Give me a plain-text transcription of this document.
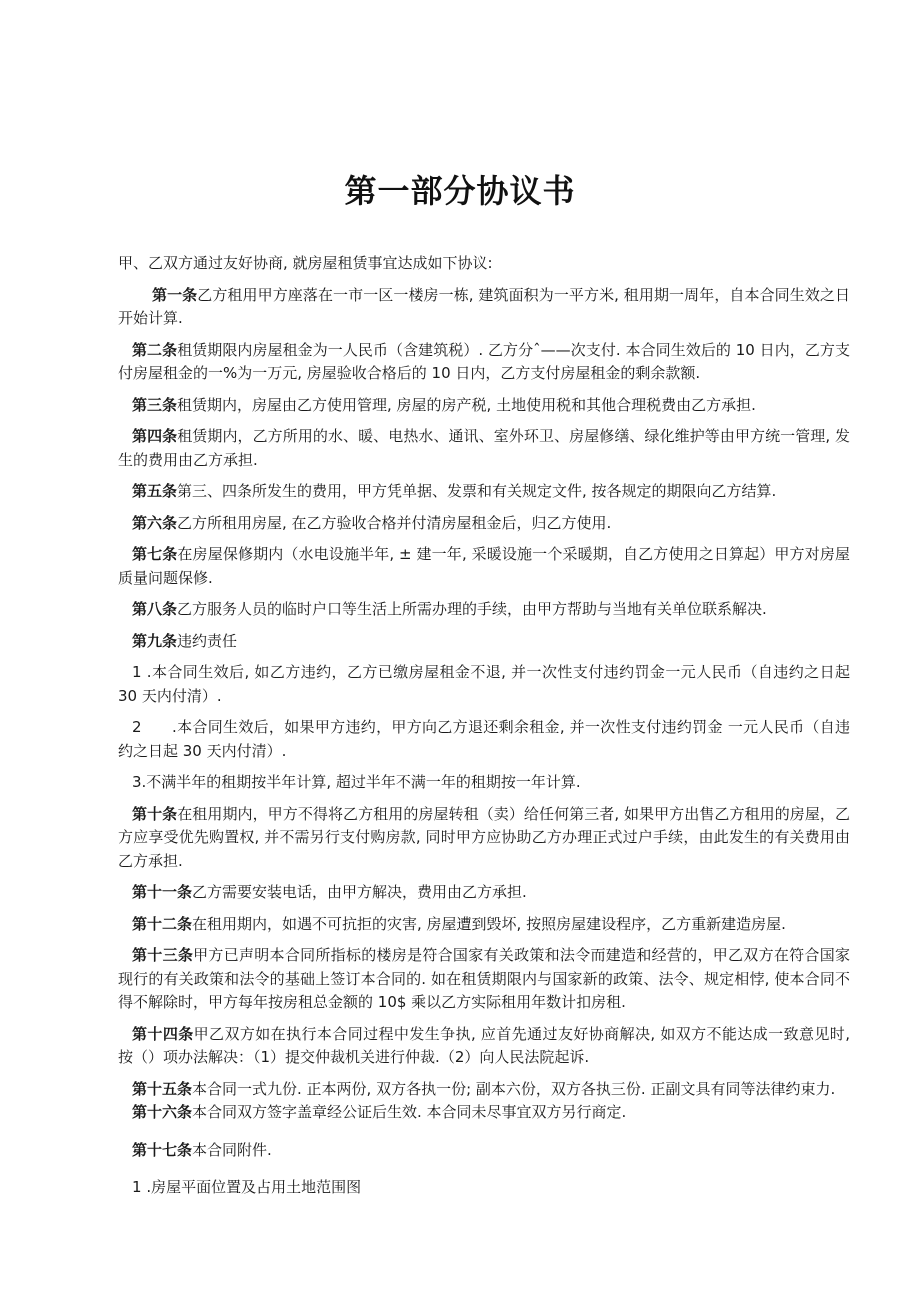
第一部分协议书

甲、乙双方通过友好协商, 就房屋租赁事宜达成如下协议:

第一条乙方租用甲方座落在一市一区一楼房一栋, 建筑面积为一平方米, 租用期一周年，自本合同生效之日开始计算.

第二条租赁期限内房屋租金为一人民币（含建筑税）. 乙方分ˆ——次支付. 本合同生效后的 10 日内，乙方支付房屋租金的一%为一万元, 房屋验收合格后的 10 日内，乙方支付房屋租金的剩余款额.

第三条租赁期内，房屋由乙方使用管理, 房屋的房产税, 土地使用税和其他合理税费由乙方承担.

第四条租赁期内，乙方所用的水、暖、电热水、通讯、室外环卫、房屋修缮、绿化维护等由甲方统一管理, 发生的费用由乙方承担.

第五条第三、四条所发生的费用，甲方凭单据、发票和有关规定文件, 按各规定的期限向乙方结算.

第六条乙方所租用房屋, 在乙方验收合格并付清房屋租金后，归乙方使用.

第七条在房屋保修期内（水电设施半年, ± 建一年, 采暖设施一个采暖期，自乙方使用之日算起）甲方对房屋质量问题保修.

第八条乙方服务人员的临时户口等生活上所需办理的手续，由甲方帮助与当地有关单位联系解决.

第九条违约责任

1 .本合同生效后, 如乙方违约，乙方已缴房屋租金不退, 并一次性支付违约罚金一元人民币（自违约之日起 30 天内付清）.

2 .本合同生效后，如果甲方违约，甲方向乙方退还剩余租金, 并一次性支付违约罚金 一元人民币（自违约之日起 30 天内付清）.

3.不满半年的租期按半年计算, 超过半年不满一年的租期按一年计算.

第十条在租用期内，甲方不得将乙方租用的房屋转租（卖）给任何第三者, 如果甲方出售乙方租用的房屋，乙方应享受优先购置权, 并不需另行支付购房款, 同时甲方应协助乙方办理正式过户手续，由此发生的有关费用由乙方承担.

第十一条乙方需要安装电话，由甲方解决，费用由乙方承担.

第十二条在租用期内，如遇不可抗拒的灾害, 房屋遭到毁坏, 按照房屋建设程序，乙方重新建造房屋.

第十三条甲方已声明本合同所指标的楼房是符合国家有关政策和法令而建造和经营的，甲乙双方在符合国家现行的有关政策和法令的基础上签订本合同的. 如在租赁期限内与国家新的政策、法令、规定相悖, 使本合同不得不解除时，甲方每年按房租总金额的 10$ 乘以乙方实际租用年数计扣房租.

第十四条甲乙双方如在执行本合同过程中发生争执, 应首先通过友好协商解决, 如双方不能达成一致意见时, 按（）项办法解决：（1）提交仲裁机关进行仲裁.（2）向人民法院起诉.

第十五条本合同一式九份. 正本两份, 双方各执一份; 副本六份，双方各执三份. 正副文具有同等法律约束力.

第十六条本合同双方签字盖章经公证后生效. 本合同未尽事宜双方另行商定.

第十七条本合同附件.

1 .房屋平面位置及占用土地范围图
